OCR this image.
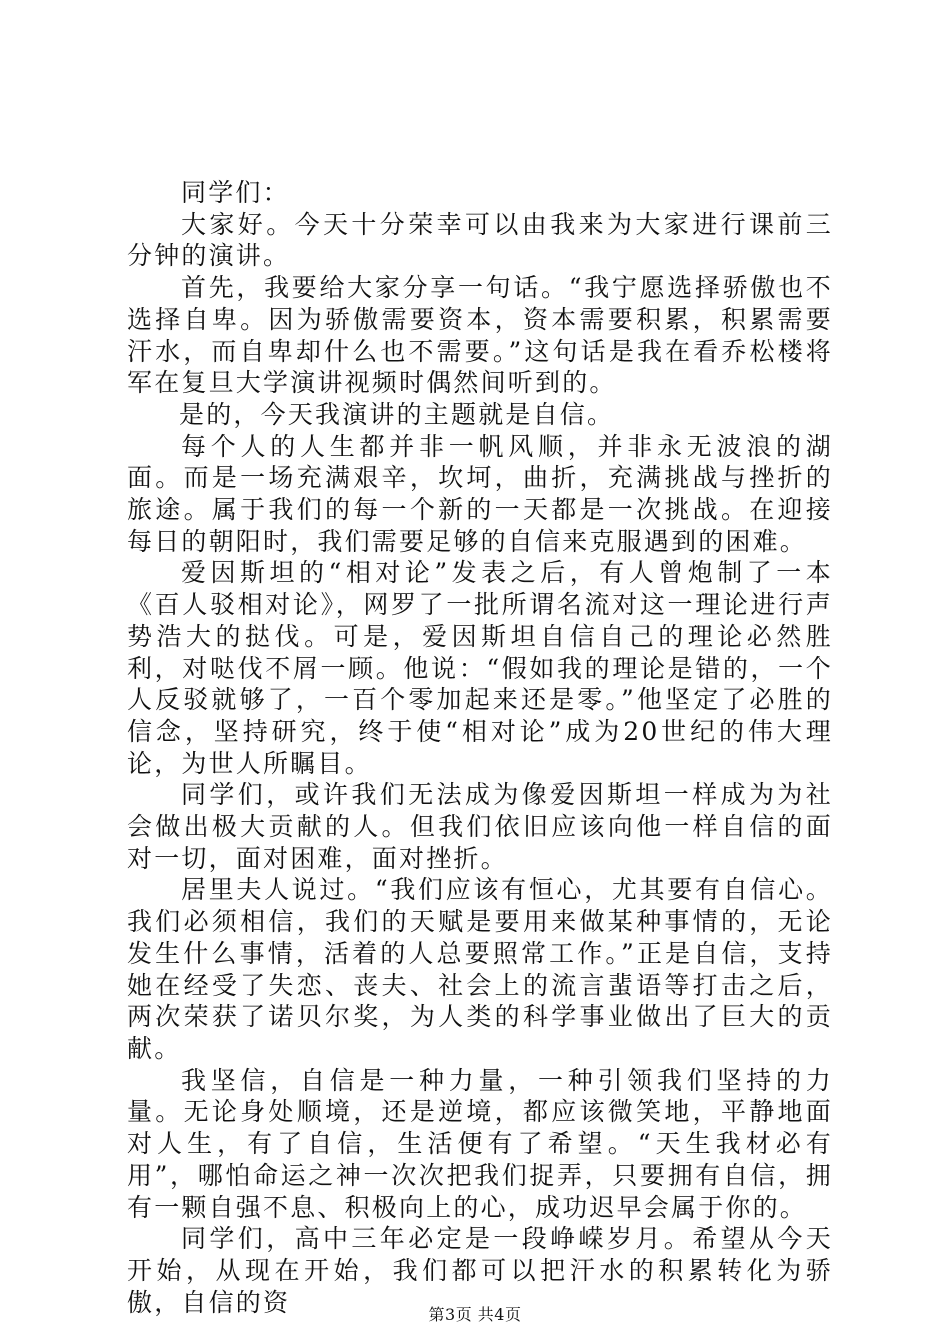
同学们：

大家好。今天十分荣幸可以由我来为大家进行课前三分钟的演讲。

首先，我要给大家分享一句话。“我宁愿选择骄傲也不选择自卑。因为骄傲需要资本，资本需要积累，积累需要汗水，而自卑却什么也不需要。”这句话是我在看乔松楼将军在复旦大学演讲视频时偶然间听到的。

是的，今天我演讲的主题就是自信。

每个人的人生都并非一帆风顺，并非永无波浪的湖面。而是一场充满艰辛，坎坷，曲折，充满挑战与挫折的旅途。属于我们的每一个新的一天都是一次挑战。在迎接每日的朝阳时，我们需要足够的自信来克服遇到的困难。

爱因斯坦的“相对论”发表之后，有人曾炮制了一本《百人驳相对论》，网罗了一批所谓名流对这一理论进行声势浩大的挞伐。可是，爱因斯坦自信自己的理论必然胜利，对哒伐不屑一顾。他说：“假如我的理论是错的，一个人反驳就够了，一百个零加起来还是零。”他坚定了必胜的信念，坚持研究，终于使“相对论”成为20世纪的伟大理论，为世人所瞩目。

同学们，或许我们无法成为像爱因斯坦一样成为为社会做出极大贡献的人。但我们依旧应该向他一样自信的面对一切，面对困难，面对挫折。

居里夫人说过。“我们应该有恒心，尤其要有自信心。我们必须相信，我们的天赋是要用来做某种事情的，无论发生什么事情，活着的人总要照常工作。”正是自信，支持她在经受了失恋、丧夫、社会上的流言蜚语等打击之后，两次荣获了诺贝尔奖，为人类的科学事业做出了巨大的贡献。

我坚信，自信是一种力量，一种引领我们坚持的力量。无论身处顺境，还是逆境，都应该微笑地，平静地面对人生，有了自信，生活便有了希望。“天生我材必有用”，哪怕命运之神一次次把我们捉弄，只要拥有自信，拥有一颗自强不息、积极向上的心，成功迟早会属于你的。

同学们，高中三年必定是一段峥嵘岁月。希望从今天开始，从现在开始，我们都可以把汗水的积累转化为骄傲，自信的资	第3页 共4页
